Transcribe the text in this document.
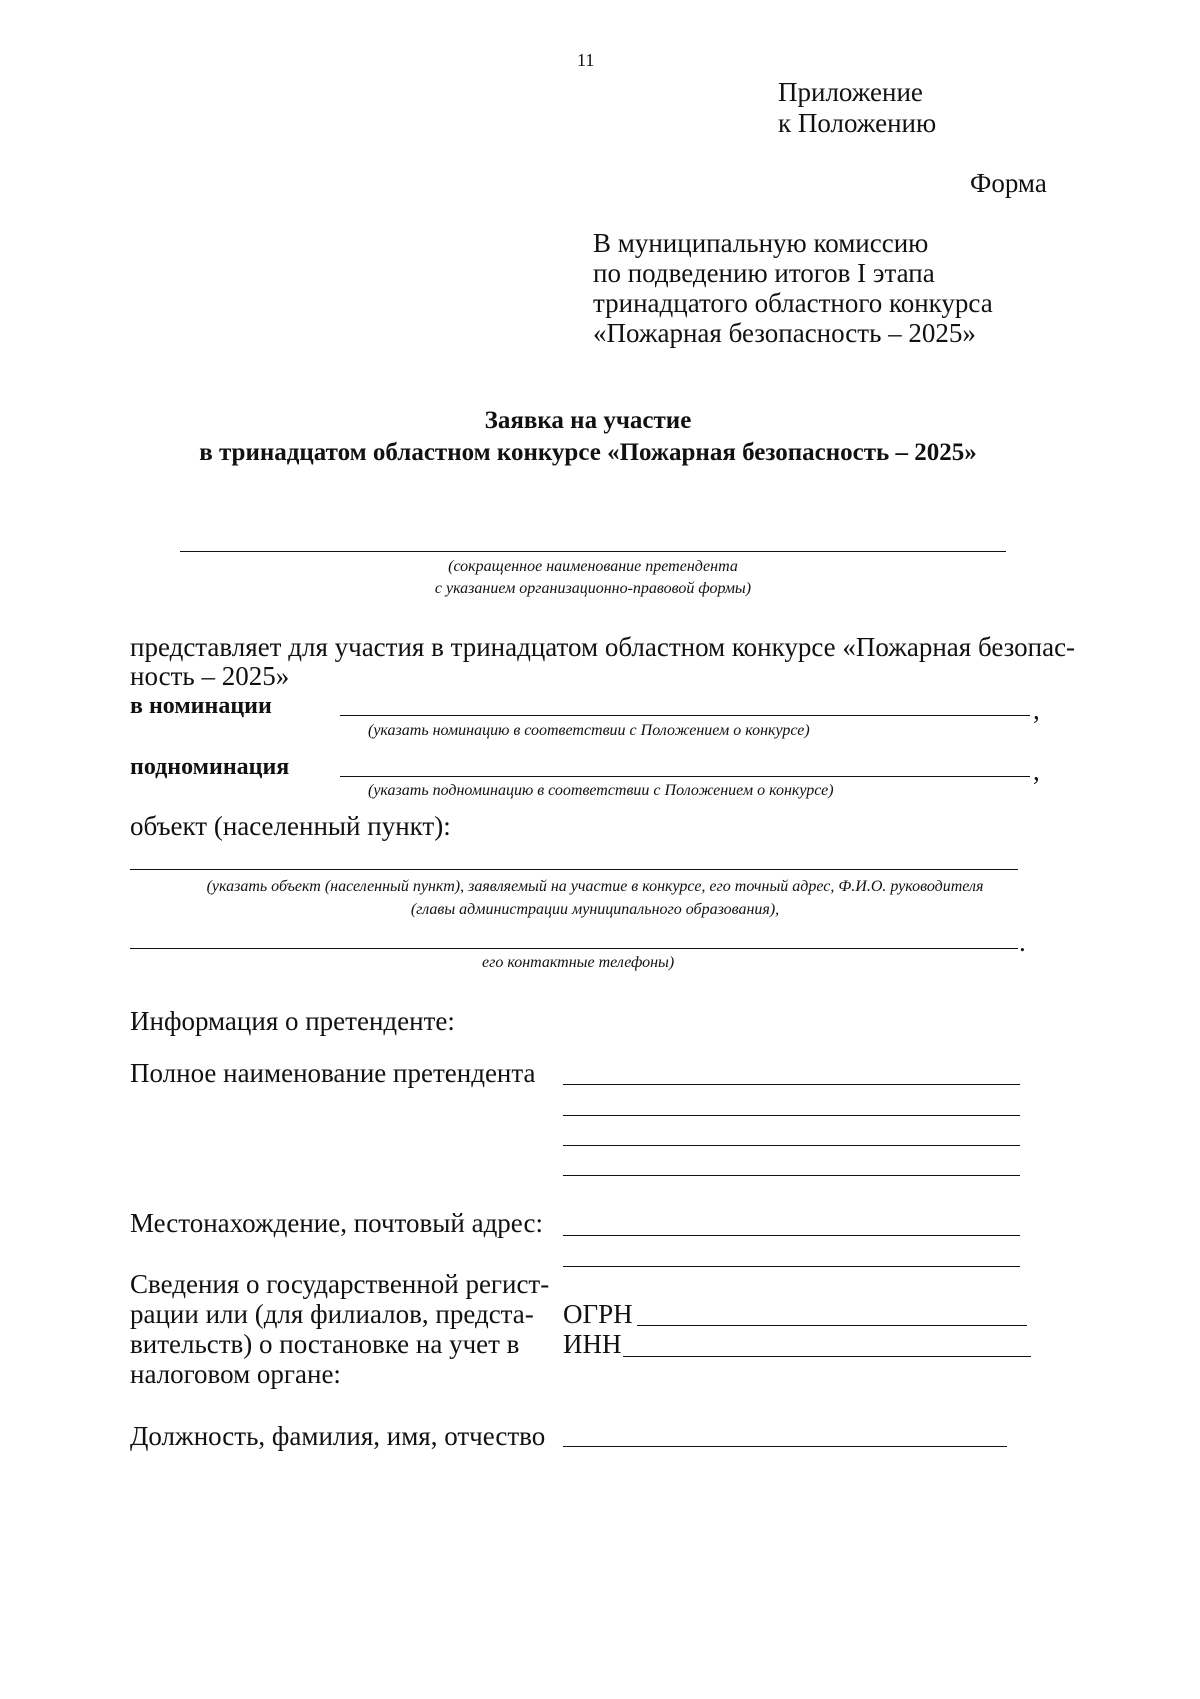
11
Приложение
к Положению
Форма
В муниципальную комиссию
по подведению итогов I этапа
тринадцатого областного конкурса
«Пожарная безопасность – 2025»
Заявка на участие
в тринадцатом областном конкурсе «Пожарная безопасность – 2025»
(сокращенное наименование претендента
с указанием организационно-правовой формы)
представляет для участия в тринадцатом областном конкурсе «Пожарная безопас-
ность – 2025»
в номинации	,
(указать номинацию в соответствии с Положением о конкурсе)
подноминация	,
(указать подноминацию в соответствии с Положением о конкурсе)
объект (населенный пункт):
(указать объект (населенный пункт), заявляемый на участие в конкурсе, его точный адрес, Ф.И.О. руководителя
(главы администрации муниципального образования),
.
его контактные телефоны)
Информация о претенденте:
Полное наименование претендента
Местонахождение, почтовый адрес:
Сведения о государственной регист-
рации или (для филиалов, предста-
вительств) о постановке на учет в
налоговом органе:
ОГРН
ИНН
Должность, фамилия, имя, отчество
